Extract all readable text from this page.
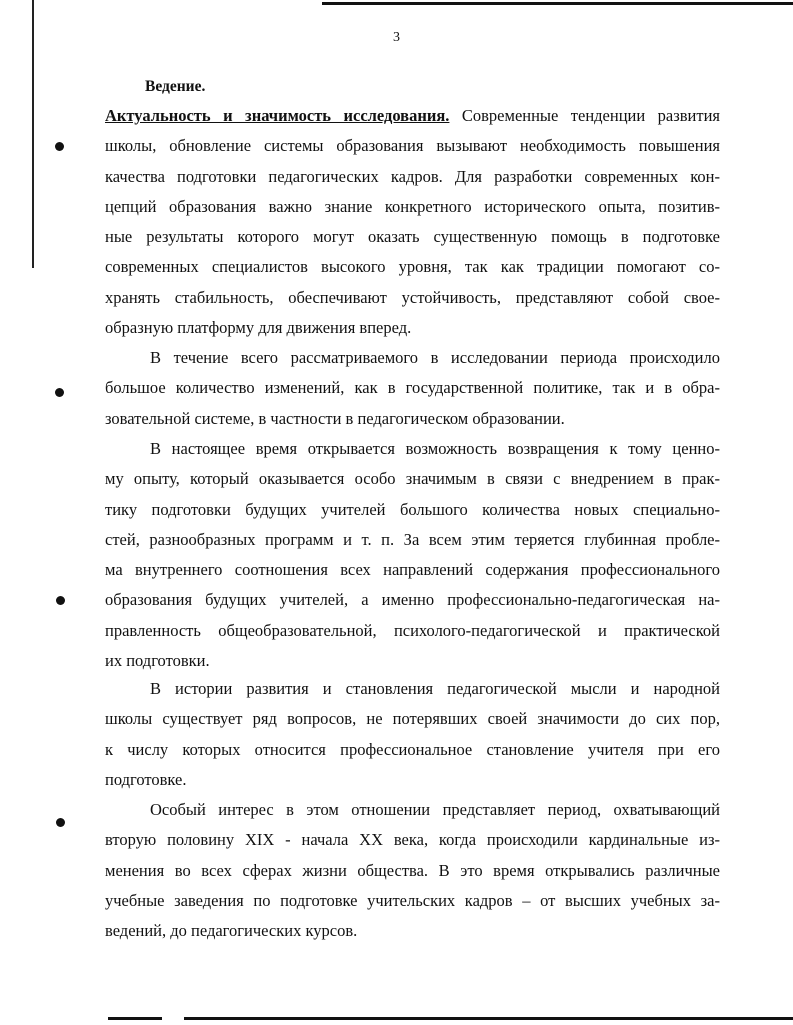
3
Ведение.
Актуальность и значимость исследования. Современные тенденции развития
школы, обновление системы образования вызывают необходимость повышения
качества подготовки педагогических кадров. Для разработки современных кон-
цепций образования важно знание конкретного исторического опыта, позитив-
ные результаты которого могут оказать существенную помощь в подготовке
современных специалистов высокого уровня, так как традиции помогают со-
хранять стабильность, обеспечивают устойчивость, представляют собой свое-
образную платформу для движения вперед.
В течение всего рассматриваемого в исследовании периода происходило
большое количество изменений, как в государственной политике, так и в обра-
зовательной системе, в частности в педагогическом образовании.
В настоящее время открывается возможность возвращения к тому ценно-
му опыту, который оказывается особо значимым в связи с внедрением в прак-
тику подготовки будущих учителей большого количества новых специально-
стей, разнообразных программ и т. п. За всем этим теряется глубинная пробле-
ма внутреннего соотношения всех направлений содержания профессионального
образования будущих учителей, а именно профессионально-педагогическая на-
правленность общеобразовательной, психолого-педагогической и практической
их подготовки.
В истории развития и становления педагогической мысли и народной
школы существует ряд вопросов, не потерявших своей значимости до сих пор,
к числу которых относится профессиональное становление учителя при его
подготовке.
Особый интерес в этом отношении представляет период, охватывающий
вторую половину XIX - начала XX века, когда происходили кардинальные из-
менения во всех сферах жизни общества. В это время открывались различные
учебные заведения по подготовке учительских кадров – от высших учебных за-
ведений, до педагогических курсов.
